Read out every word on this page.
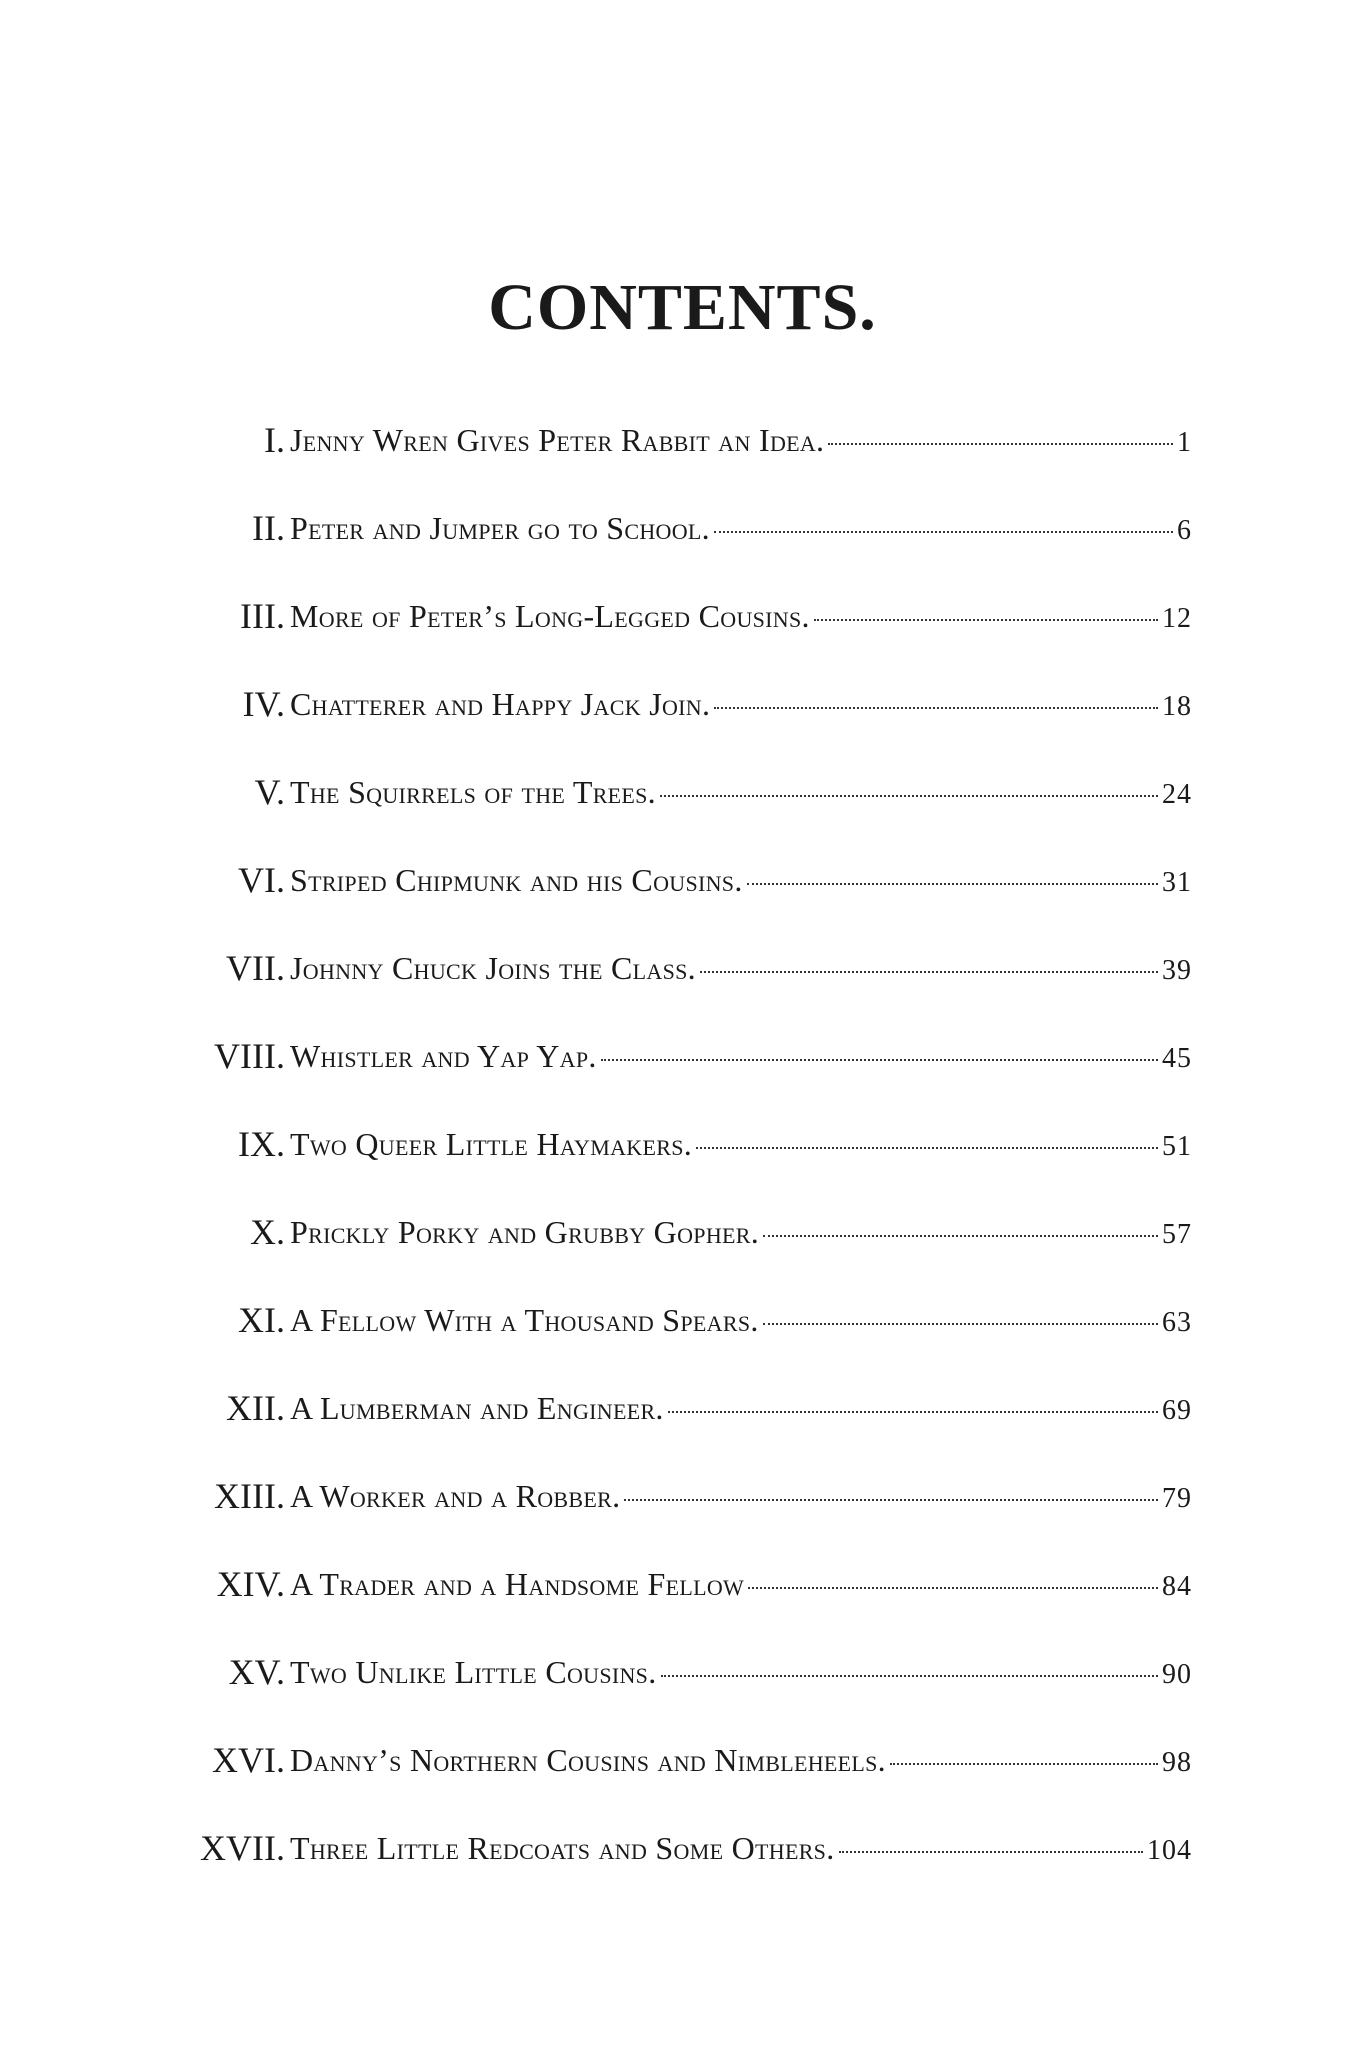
CONTENTS.
I. Jenny Wren Gives Peter Rabbit an Idea.	1
II. Peter and Jumper go to School.	6
III. More of Peter’s Long-Legged Cousins.	12
IV. Chatterer and Happy Jack Join.	18
V. The Squirrels of the Trees.	24
VI. Striped Chipmunk and his Cousins.	31
VII. Johnny Chuck Joins the Class.	39
VIII. Whistler and Yap Yap.	45
IX. Two Queer Little Haymakers.	51
X. Prickly Porky and Grubby Gopher.	57
XI. A Fellow With a Thousand Spears.	63
XII. A Lumberman and Engineer.	69
XIII. A Worker and a Robber.	79
XIV. A Trader and a Handsome Fellow	84
XV. Two Unlike Little Cousins.	90
XVI. Danny’s Northern Cousins and Nimbleheels.	98
XVII. Three Little Redcoats and Some Others.	104
